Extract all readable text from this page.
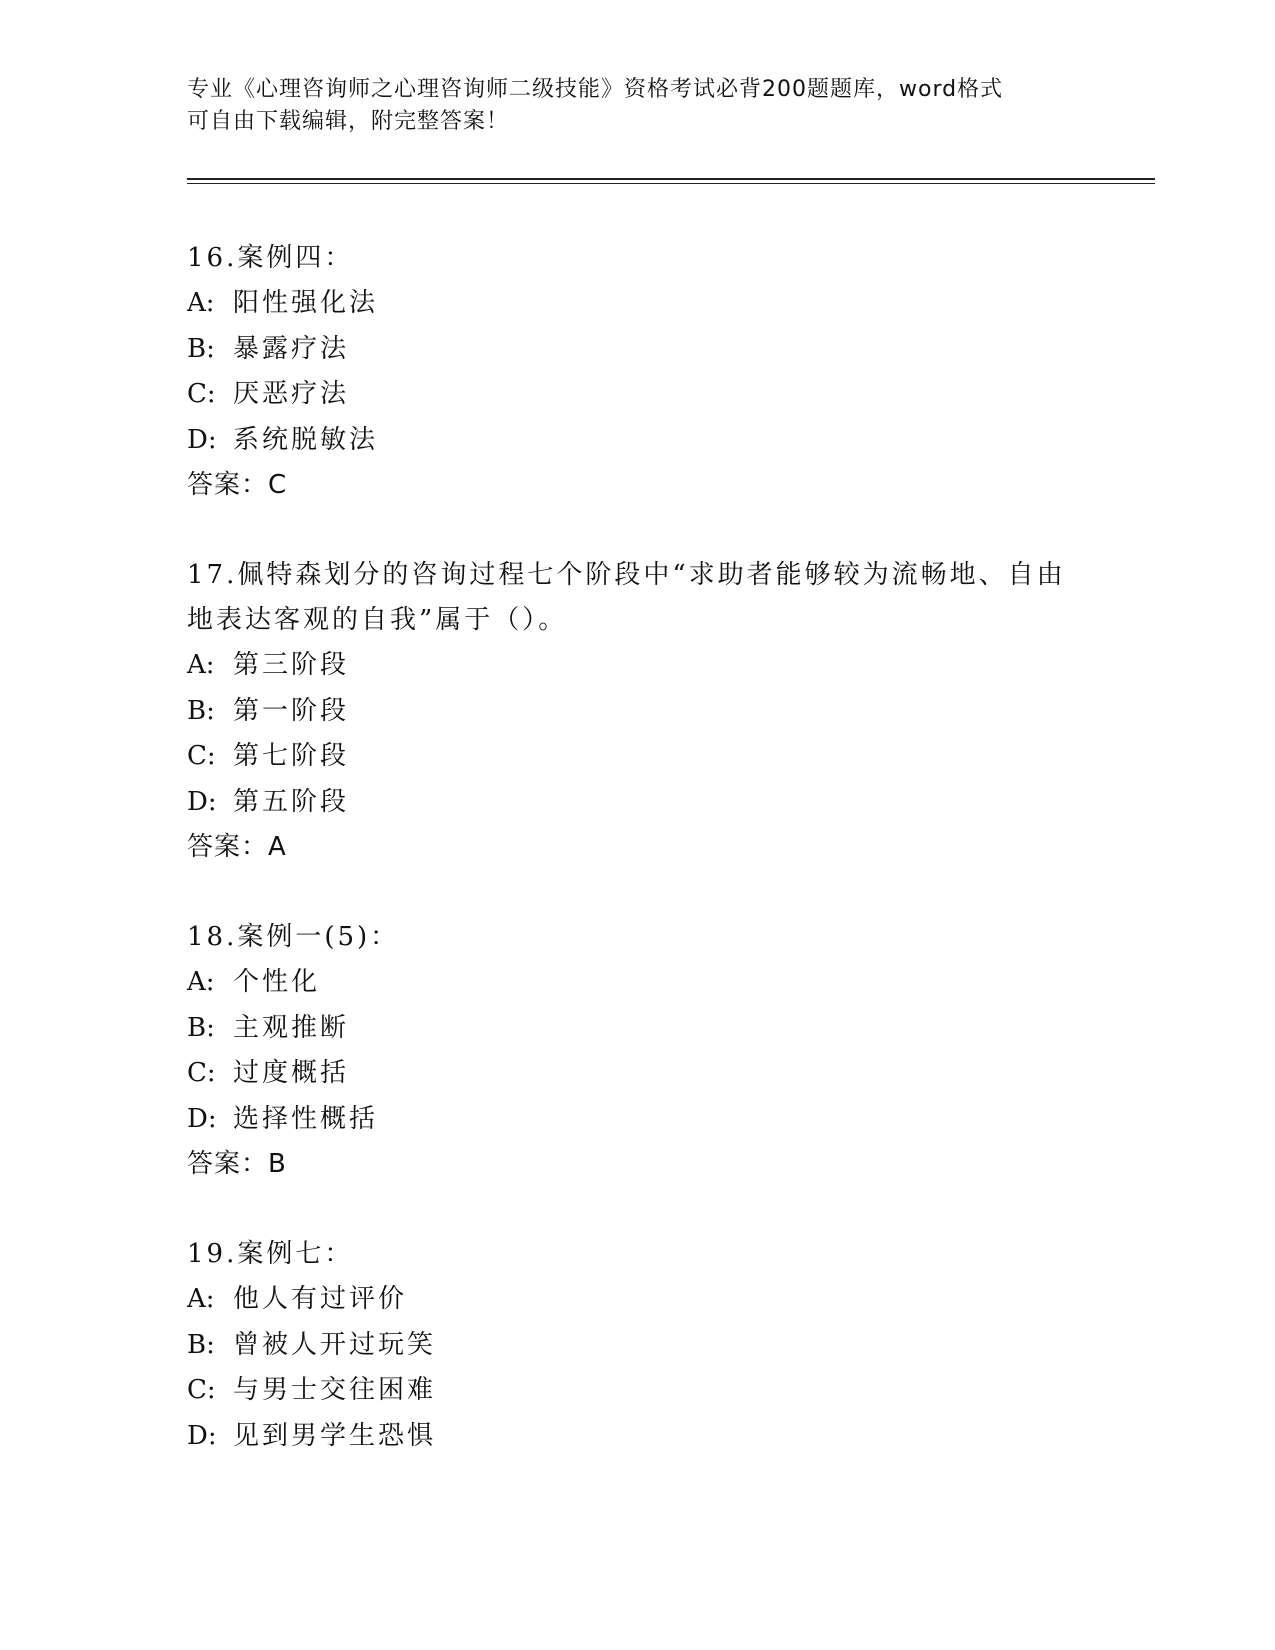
专业《心理咨询师之心理咨询师二级技能》资格考试必背200题题库，word格式
可自由下载编辑，附完整答案！
16.案例四：
A: 阳性强化法
B: 暴露疗法
C: 厌恶疗法
D: 系统脱敏法
答案：C
17.佩特森划分的咨询过程七个阶段中“求助者能够较为流畅地、自由地表达客观的自我”属于（）。
A: 第三阶段
B: 第一阶段
C: 第七阶段
D: 第五阶段
答案：A
18.案例一(5)：
A: 个性化
B: 主观推断
C: 过度概括
D: 选择性概括
答案：B
19.案例七：
A: 他人有过评价
B: 曾被人开过玩笑
C: 与男士交往困难
D: 见到男学生恐惧
